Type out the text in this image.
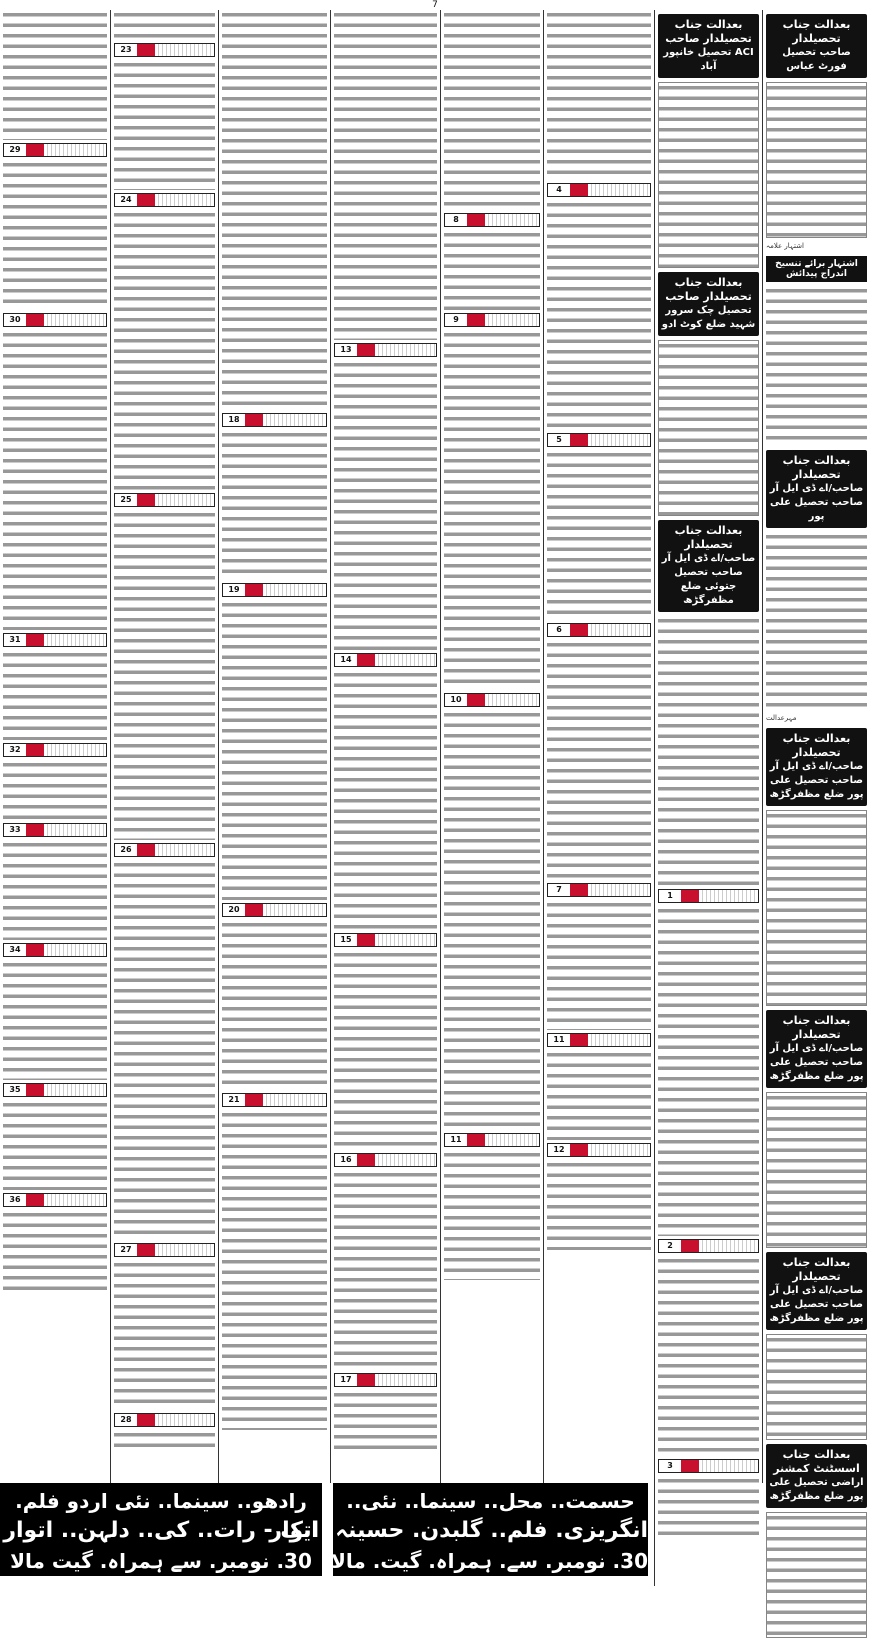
7
بعدالت جناب تحصیلدار
صاحب تحصیل فورٹ عباس
اشتہار علامہ
اشتہار برائے تنسیخ اندراج پیدائش
بعدالت جناب تحصیلدار
صاحب/اے ڈی ایل آر صاحب تحصیل علی پور
مہرعدالت
بعدالت جناب تحصیلدار
صاحب/اے ڈی ایل آر صاحب تحصیل علی پور ضلع مظفرگڑھ
بعدالت جناب تحصیلدار
صاحب/اے ڈی ایل آر صاحب تحصیل علی پور ضلع مظفرگڑھ
بعدالت جناب تحصیلدار
صاحب/اے ڈی ایل آر صاحب تحصیل علی پور ضلع مظفرگڑھ
بعدالت جناب اسسٹنٹ کمشنر
اراضی تحصیل علی پور ضلع مظفرگڑھ
بعدالت جناب تحصیلدار صاحب
ACI تحصیل خانپور آباد
بعدالت جناب تحصیلدار صاحب
تحصیل چک سرور شہید ضلع کوٹ ادو
بعدالت جناب تحصیلدار
صاحب/اے ڈی ایل آر صاحب تحصیل جتوئی ضلع مظفرگڑھ
1
2
3
4
5
6
7
11
12
8
9
10
11
13
14
15
16
17
18
19
20
21
23
24
25
26
27
28
29
30
31
32
33
34
35
36
رادھو.. سینما.. نئی اردو فلم.
ایک - رات.. کی.. دلہن.. اتوار
30. نومبر. سے ہمراہ. گیت مالا
حسمت.. محل.. سینما.. نئی..
انگریزی. فلم.. گلبدن. حسینہ. اتوار
30. نومبر. سے. ہمراہ. گیت. مالا
